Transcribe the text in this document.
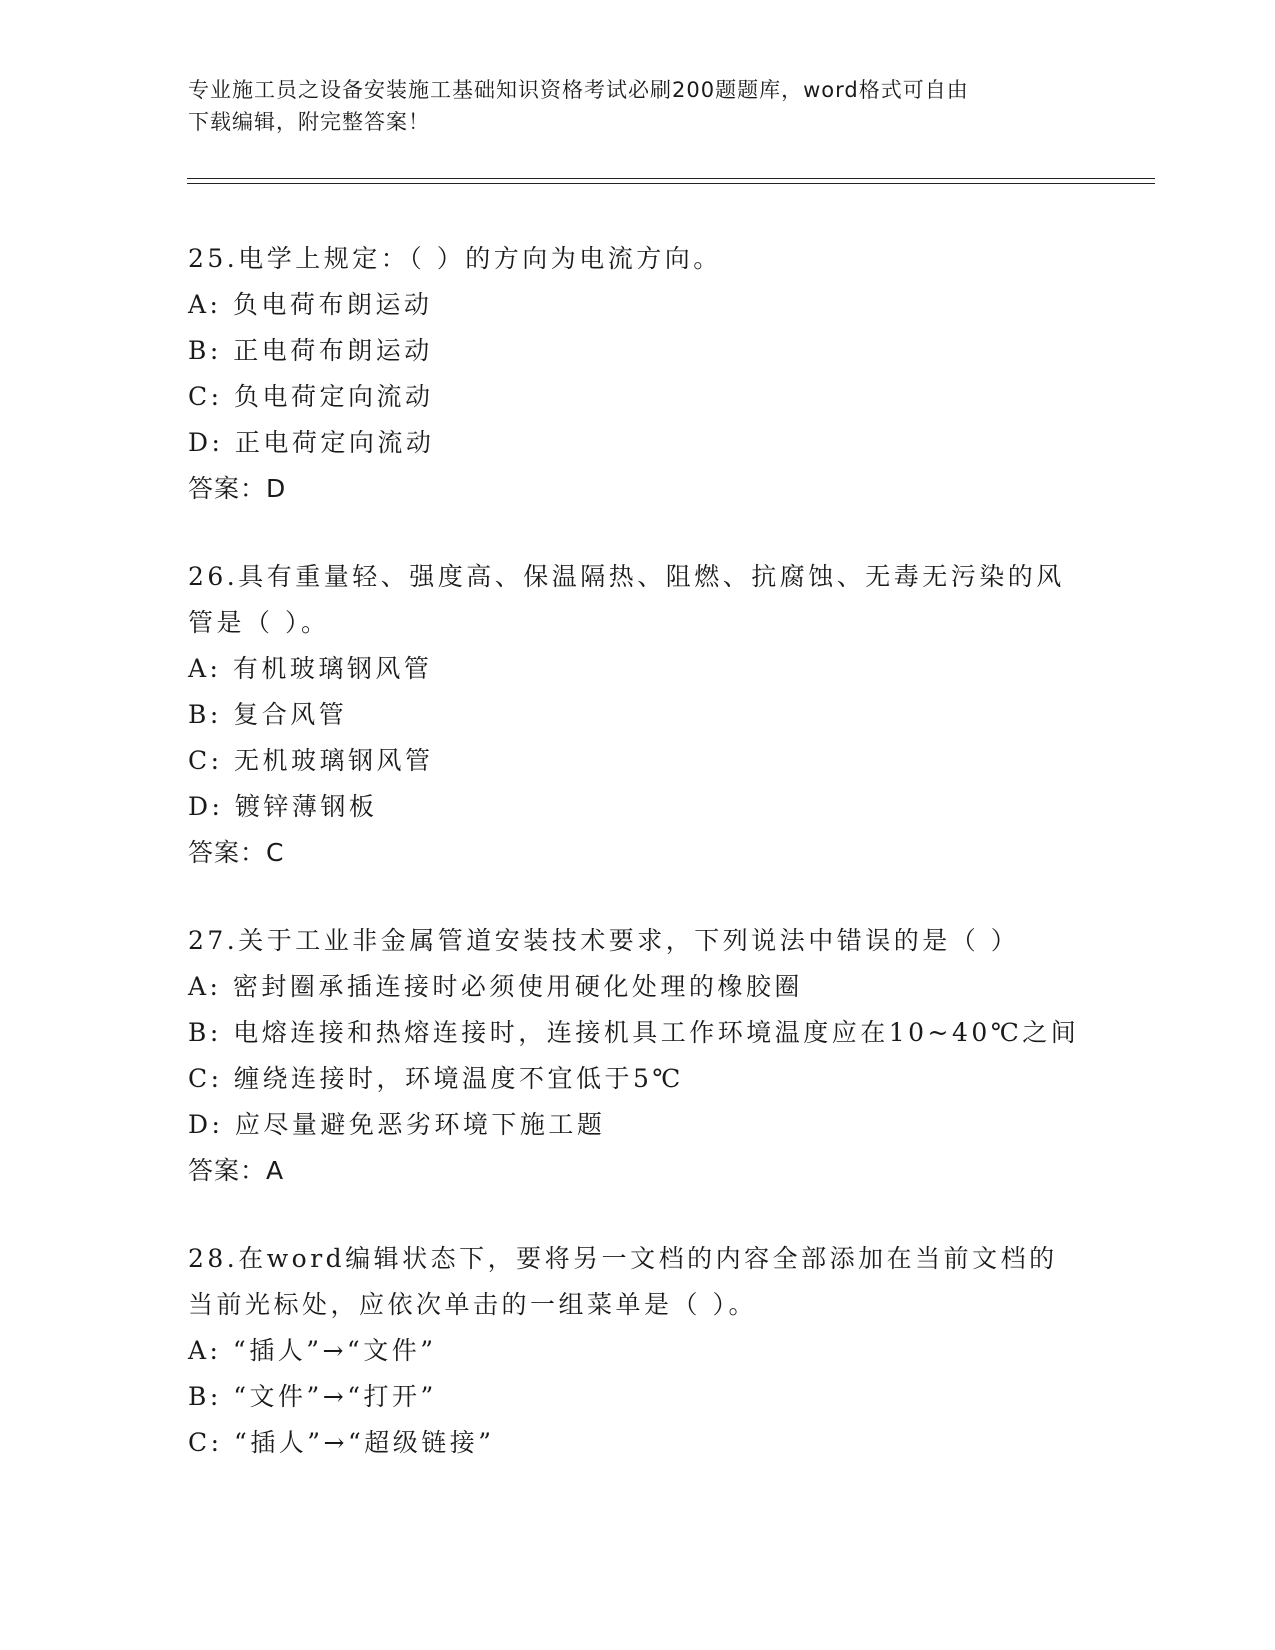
专业施工员之设备安装施工基础知识资格考试必刷200题题库，word格式可自由
下载编辑，附完整答案！
25.电学上规定：（ ）的方向为电流方向。
A: 负电荷布朗运动
B: 正电荷布朗运动
C: 负电荷定向流动
D: 正电荷定向流动
答案：D
26.具有重量轻、强度高、保温隔热、阻燃、抗腐蚀、无毒无污染的风
管是（ ）。
A: 有机玻璃钢风管
B: 复合风管
C: 无机玻璃钢风管
D: 镀锌薄钢板
答案：C
27.关于工业非金属管道安装技术要求，下列说法中错误的是（ ）
A: 密封圈承插连接时必须使用硬化处理的橡胶圈
B: 电熔连接和热熔连接时，连接机具工作环境温度应在10~40℃之间
C: 缠绕连接时，环境温度不宜低于5℃
D: 应尽量避免恶劣环境下施工题
答案：A
28.在word编辑状态下，要将另一文档的内容全部添加在当前文档的
当前光标处，应依次单击的一组菜单是（ ）。
A: “插人”→“文件”
B: “文件”→“打开”
C: “插人”→“超级链接”
